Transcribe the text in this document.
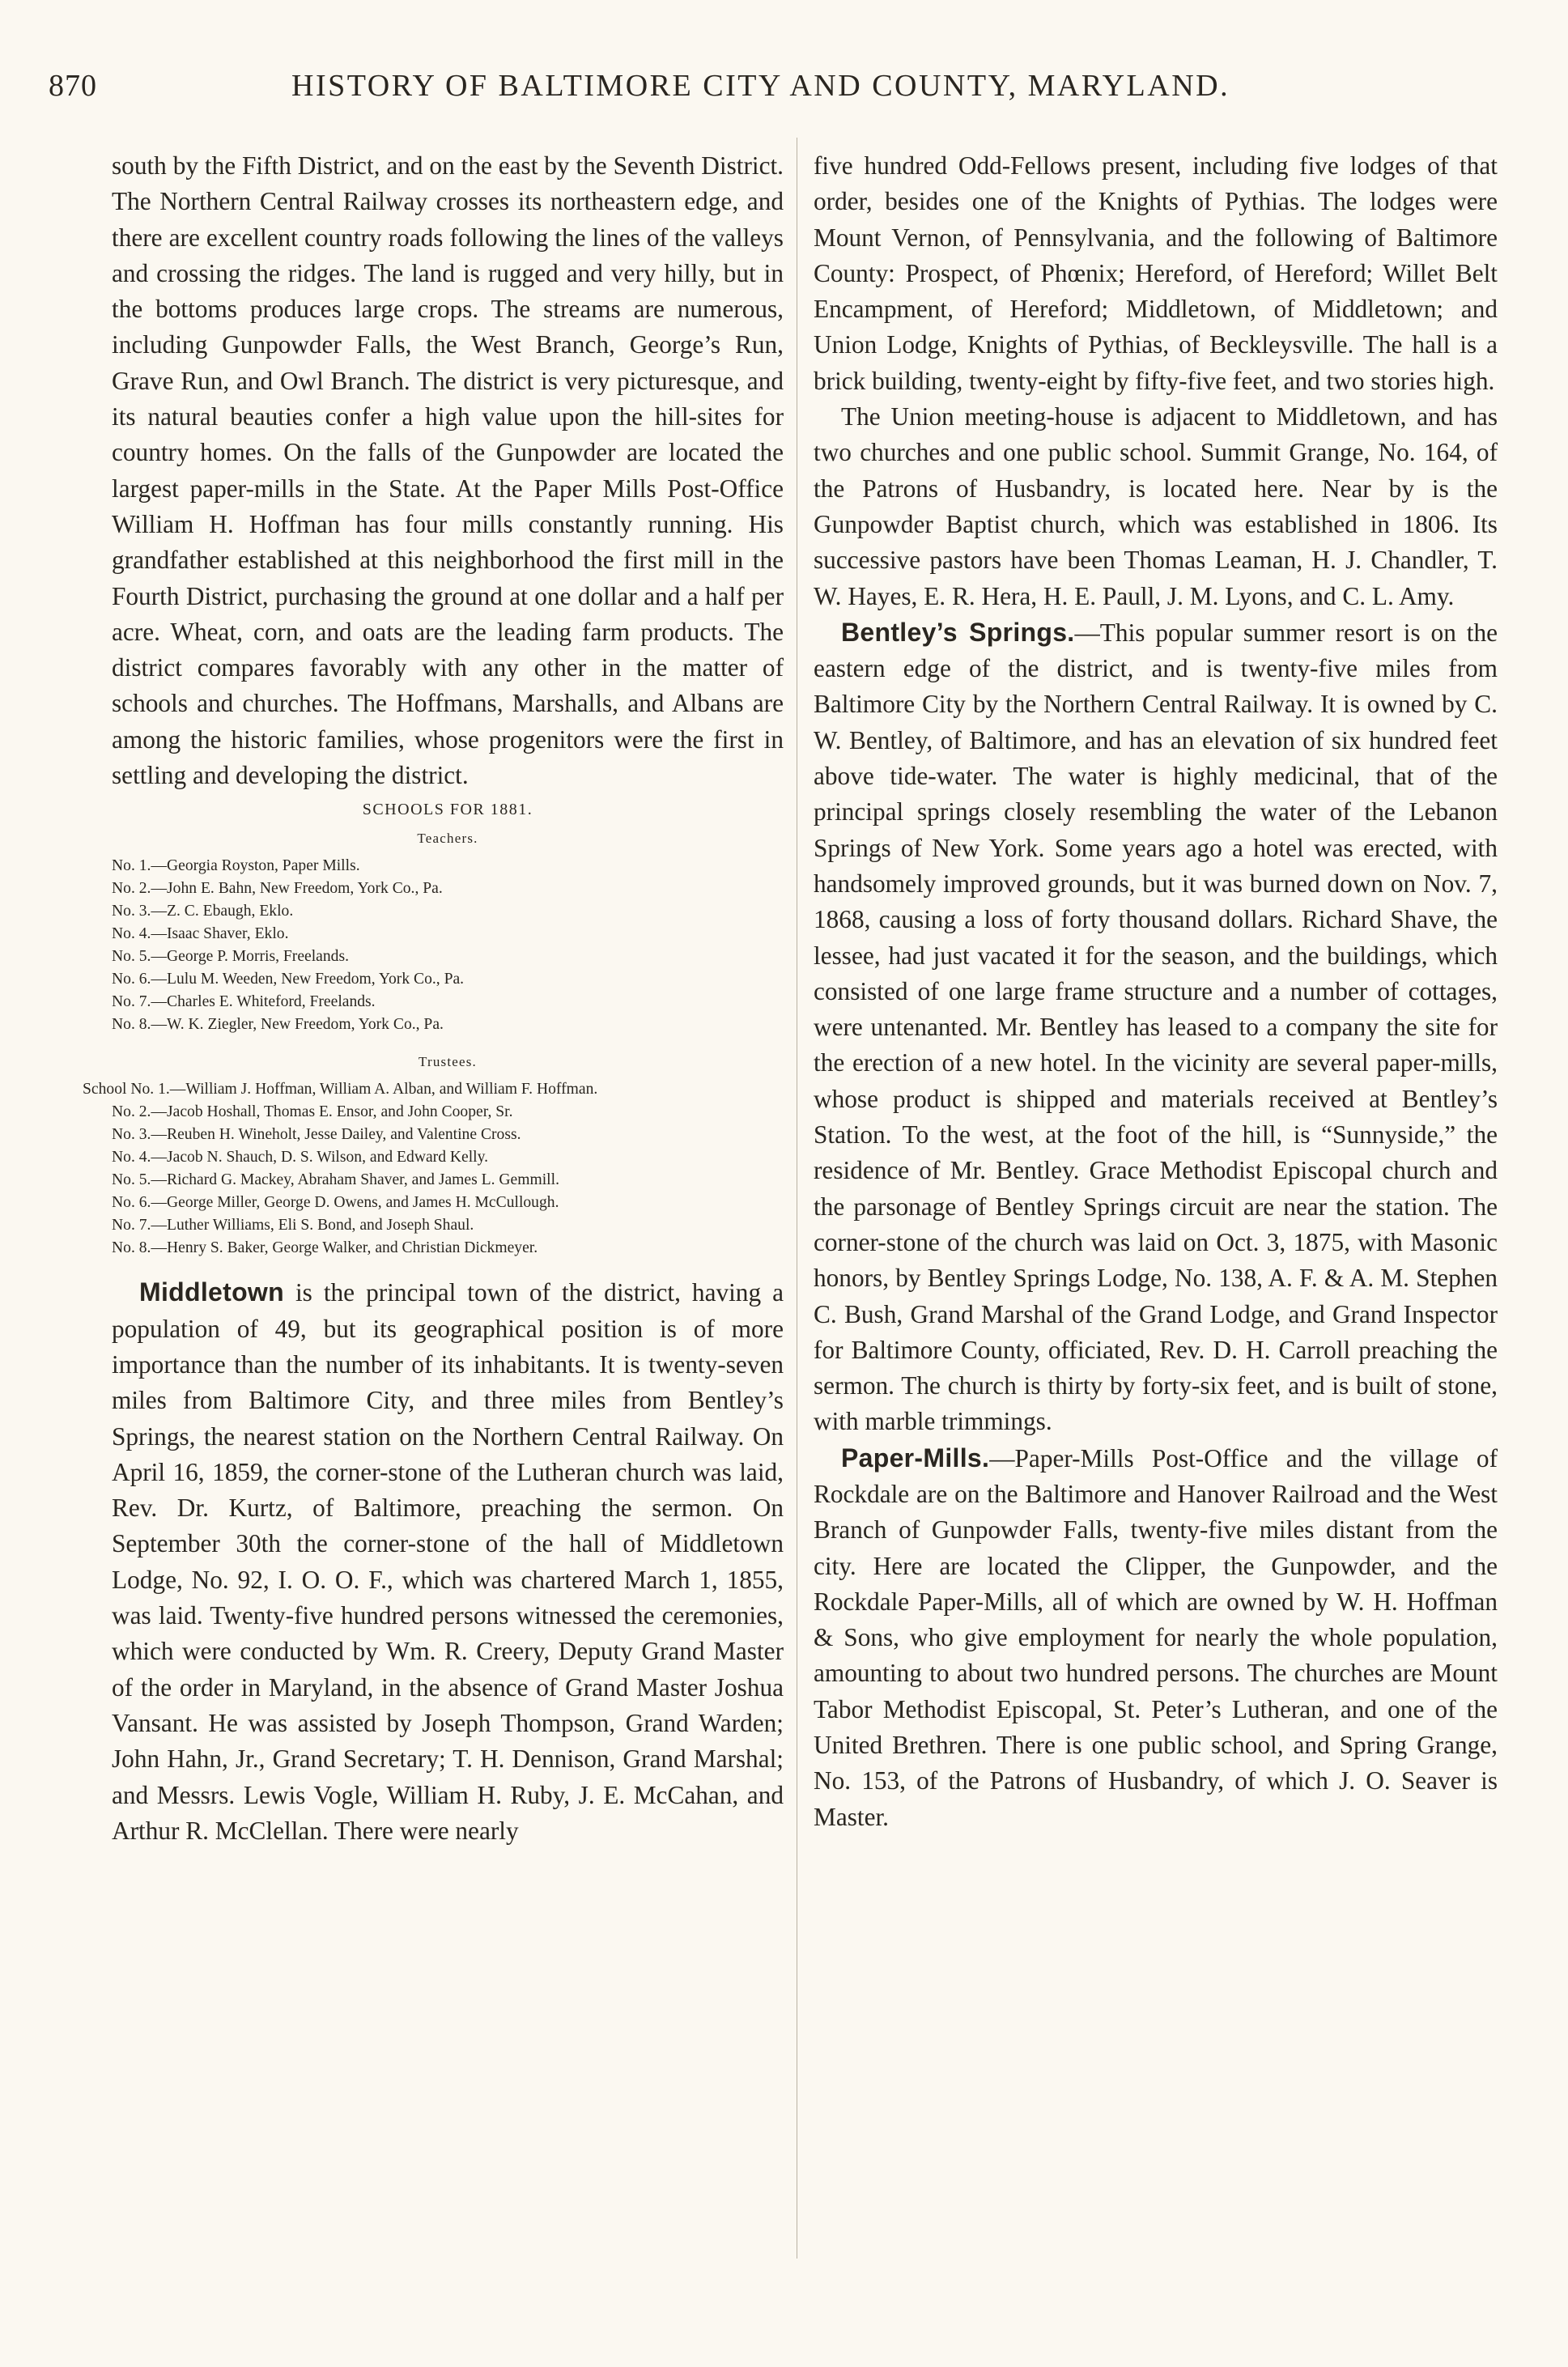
870	HISTORY OF BALTIMORE CITY AND COUNTY, MARYLAND.

south by the Fifth District, and on the east by the Seventh District. The Northern Central Railway crosses its northeastern edge, and there are excellent country roads following the lines of the valleys and crossing the ridges. The land is rugged and very hilly, but in the bottoms produces large crops. The streams are numerous, including Gunpowder Falls, the West Branch, George’s Run, Grave Run, and Owl Branch. The district is very picturesque, and its natural beauties confer a high value upon the hill-sites for country homes. On the falls of the Gunpowder are located the largest paper-mills in the State. At the Paper Mills Post-Office William H. Hoffman has four mills constantly running. His grandfather established at this neighborhood the first mill in the Fourth District, purchasing the ground at one dollar and a half per acre. Wheat, corn, and oats are the leading farm products. The district compares favorably with any other in the matter of schools and churches. The Hoffmans, Marshalls, and Albans are among the historic families, whose progenitors were the first in settling and developing the district.

SCHOOLS FOR 1881.
Teachers.
No. 1.—Georgia Royston, Paper Mills.
No. 2.—John E. Bahn, New Freedom, York Co., Pa.
No. 3.—Z. C. Ebaugh, Eklo.
No. 4.—Isaac Shaver, Eklo.
No. 5.—George P. Morris, Freelands.
No. 6.—Lulu M. Weeden, New Freedom, York Co., Pa.
No. 7.—Charles E. Whiteford, Freelands.
No. 8.—W. K. Ziegler, New Freedom, York Co., Pa.
Trustees.
School No. 1.—William J. Hoffman, William A. Alban, and William F. Hoffman.
No. 2.—Jacob Hoshall, Thomas E. Ensor, and John Cooper, Sr.
No. 3.—Reuben H. Wineholt, Jesse Dailey, and Valentine Cross.
No. 4.—Jacob N. Shauch, D. S. Wilson, and Edward Kelly.
No. 5.—Richard G. Mackey, Abraham Shaver, and James L. Gemmill.
No. 6.—George Miller, George D. Owens, and James H. McCullough.
No. 7.—Luther Williams, Eli S. Bond, and Joseph Shaul.
No. 8.—Henry S. Baker, George Walker, and Christian Dickmeyer.

Middletown is the principal town of the district, having a population of 49, but its geographical position is of more importance than the number of its inhabitants. It is twenty-seven miles from Baltimore City, and three miles from Bentley’s Springs, the nearest station on the Northern Central Railway. On April 16, 1859, the corner-stone of the Lutheran church was laid, Rev. Dr. Kurtz, of Baltimore, preaching the sermon. On September 30th the corner-stone of the hall of Middletown Lodge, No. 92, I. O. O. F., which was chartered March 1, 1855, was laid. Twenty-five hundred persons witnessed the ceremonies, which were conducted by Wm. R. Creery, Deputy Grand Master of the order in Maryland, in the absence of Grand Master Joshua Vansant. He was assisted by Joseph Thompson, Grand Warden; John Hahn, Jr., Grand Secretary; T. H. Dennison, Grand Marshal; and Messrs. Lewis Vogle, William H. Ruby, J. E. McCahan, and Arthur R. McClellan. There were nearly

five hundred Odd-Fellows present, including five lodges of that order, besides one of the Knights of Pythias. The lodges were Mount Vernon, of Pennsylvania, and the following of Baltimore County: Prospect, of Phœnix; Hereford, of Hereford; Willet Belt Encampment, of Hereford; Middletown, of Middletown; and Union Lodge, Knights of Pythias, of Beckleysville. The hall is a brick building, twenty-eight by fifty-five feet, and two stories high.

The Union meeting-house is adjacent to Middletown, and has two churches and one public school. Summit Grange, No. 164, of the Patrons of Husbandry, is located here. Near by is the Gunpowder Baptist church, which was established in 1806. Its successive pastors have been Thomas Leaman, H. J. Chandler, T. W. Hayes, E. R. Hera, H. E. Paull, J. M. Lyons, and C. L. Amy.

Bentley’s Springs.—This popular summer resort is on the eastern edge of the district, and is twenty-five miles from Baltimore City by the Northern Central Railway. It is owned by C. W. Bentley, of Baltimore, and has an elevation of six hundred feet above tide-water. The water is highly medicinal, that of the principal springs closely resembling the water of the Lebanon Springs of New York. Some years ago a hotel was erected, with handsomely improved grounds, but it was burned down on Nov. 7, 1868, causing a loss of forty thousand dollars. Richard Shave, the lessee, had just vacated it for the season, and the buildings, which consisted of one large frame structure and a number of cottages, were untenanted. Mr. Bentley has leased to a company the site for the erection of a new hotel. In the vicinity are several paper-mills, whose product is shipped and materials received at Bentley’s Station. To the west, at the foot of the hill, is “Sunnyside,” the residence of Mr. Bentley. Grace Methodist Episcopal church and the parsonage of Bentley Springs circuit are near the station. The corner-stone of the church was laid on Oct. 3, 1875, with Masonic honors, by Bentley Springs Lodge, No. 138, A. F. & A. M. Stephen C. Bush, Grand Marshal of the Grand Lodge, and Grand Inspector for Baltimore County, officiated, Rev. D. H. Carroll preaching the sermon. The church is thirty by forty-six feet, and is built of stone, with marble trimmings.

Paper-Mills.—Paper-Mills Post-Office and the village of Rockdale are on the Baltimore and Hanover Railroad and the West Branch of Gunpowder Falls, twenty-five miles distant from the city. Here are located the Clipper, the Gunpowder, and the Rockdale Paper-Mills, all of which are owned by W. H. Hoffman & Sons, who give employment for nearly the whole population, amounting to about two hundred persons. The churches are Mount Tabor Methodist Episcopal, St. Peter’s Lutheran, and one of the United Brethren. There is one public school, and Spring Grange, No. 153, of the Patrons of Husbandry, of which J. O. Seaver is Master.
